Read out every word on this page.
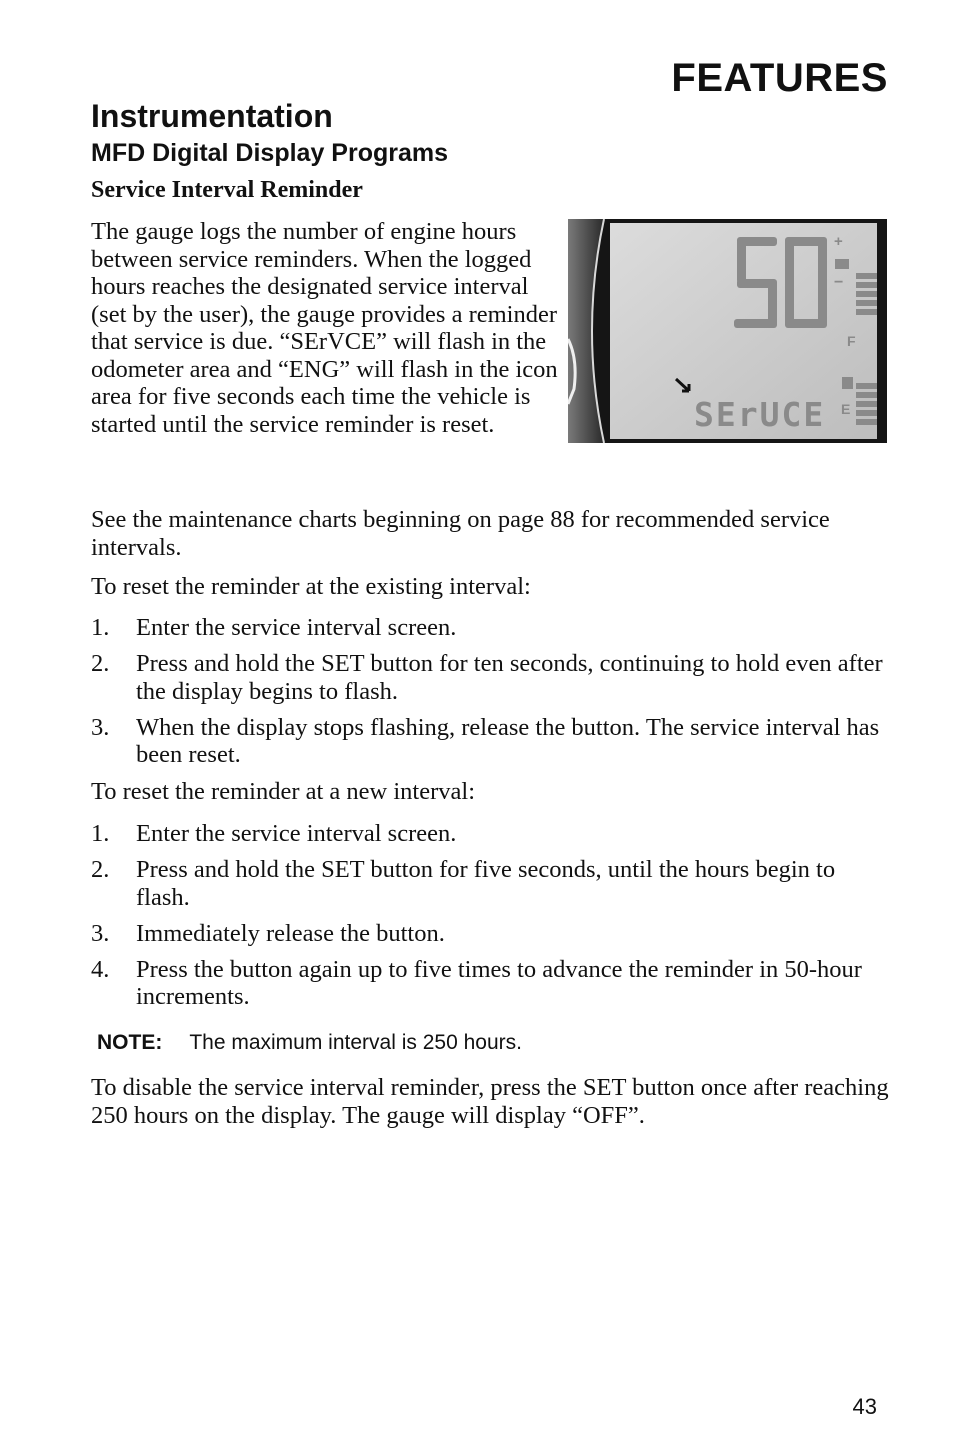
FEATURES
Instrumentation
MFD Digital Display Programs
Service Interval Reminder
The gauge logs the number of engine hours between service reminders. When the logged hours reaches the designated service interval (set by the user), the gauge provides a reminder that service is due. “SErVCE” will flash in the odometer area and “ENG” will flash in the icon area for five seconds each time the vehicle is started until the service reminder is reset.
+
−
F
E
SErUCE
See the maintenance charts beginning on page 88 for recommended service intervals.
To reset the reminder at the existing interval:
1. Enter the service interval screen.
2. Press and hold the SET button for ten seconds, continuing to hold even after the display begins to flash.
3. When the display stops flashing, release the button. The service interval has been reset.
To reset the reminder at a new interval:
1. Enter the service interval screen.
2. Press and hold the SET button for five seconds, until the hours begin to flash.
3. Immediately release the button.
4. Press the button again up to five times to advance the reminder in 50-hour increments.
NOTE: The maximum interval is 250 hours.
To disable the service interval reminder, press the SET button once after reaching 250 hours on the display. The gauge will display “OFF”.
43
